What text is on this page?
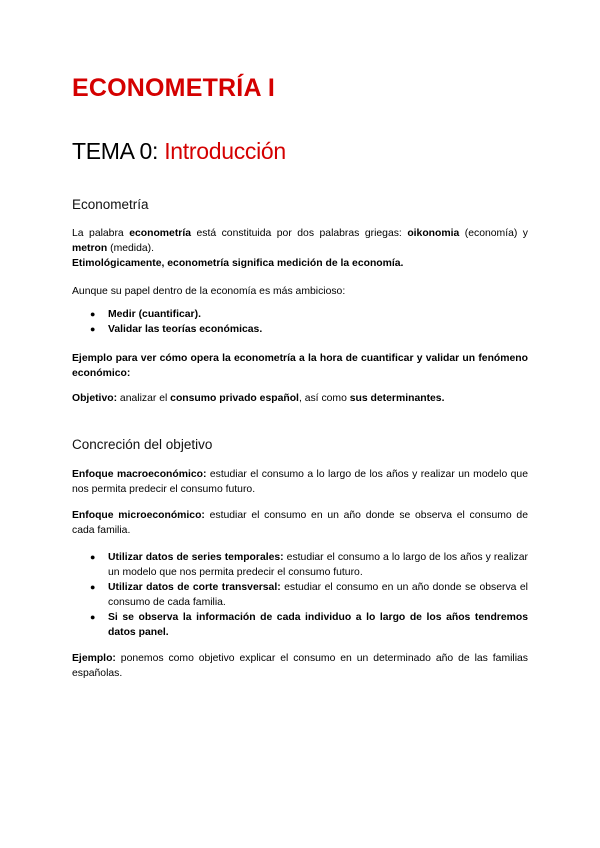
ECONOMETRÍA I
TEMA 0: Introducción
Econometría
La palabra econometría está constituida por dos palabras griegas: oikonomia (economía) y metron (medida).
Etimológicamente, econometría significa medición de la economía.
Aunque su papel dentro de la economía es más ambicioso:
● Medir (cuantificar).
● Validar las teorías económicas.
Ejemplo para ver cómo opera la econometría a la hora de cuantificar y validar un fenómeno económico:
Objetivo: analizar el consumo privado español, así como sus determinantes.
Concreción del objetivo
Enfoque macroeconómico: estudiar el consumo a lo largo de los años y realizar un modelo que nos permita predecir el consumo futuro.
Enfoque microeconómico: estudiar el consumo en un año donde se observa el consumo de cada familia.
● Utilizar datos de series temporales: estudiar el consumo a lo largo de los años y realizar un modelo que nos permita predecir el consumo futuro.
● Utilizar datos de corte transversal: estudiar el consumo en un año donde se observa el consumo de cada familia.
● Si se observa la información de cada individuo a lo largo de los años tendremos datos panel.
Ejemplo: ponemos como objetivo explicar el consumo en un determinado año de las familias españolas.
